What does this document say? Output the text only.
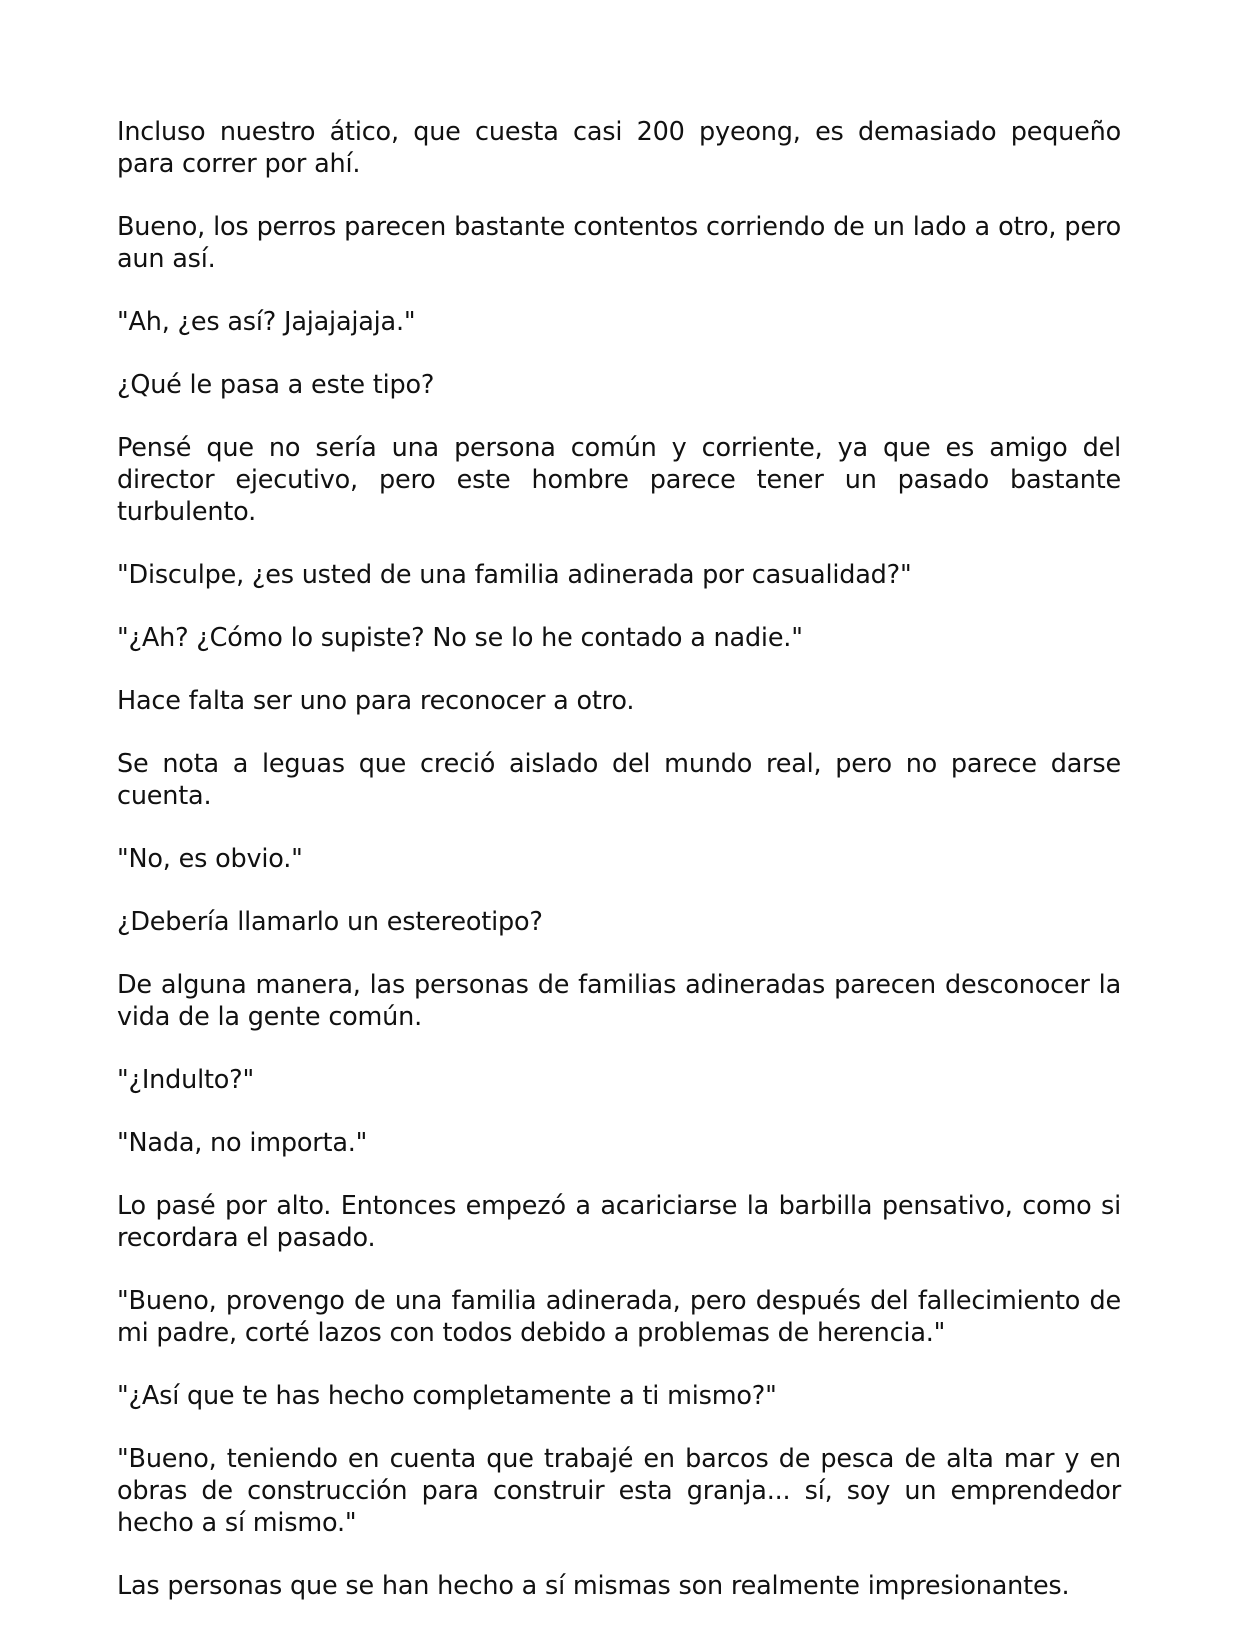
Incluso nuestro ático, que cuesta casi 200 pyeong, es demasiado pequeño para correr por ahí.

Bueno, los perros parecen bastante contentos corriendo de un lado a otro, pero aun así.

"Ah, ¿es así? Jajajajaja."

¿Qué le pasa a este tipo?

Pensé que no sería una persona común y corriente, ya que es amigo del director ejecutivo, pero este hombre parece tener un pasado bastante turbulento.

"Disculpe, ¿es usted de una familia adinerada por casualidad?"

"¿Ah? ¿Cómo lo supiste? No se lo he contado a nadie."

Hace falta ser uno para reconocer a otro.

Se nota a leguas que creció aislado del mundo real, pero no parece darse cuenta.

"No, es obvio."

¿Debería llamarlo un estereotipo?

De alguna manera, las personas de familias adineradas parecen desconocer la vida de la gente común.

"¿Indulto?"

"Nada, no importa."

Lo pasé por alto. Entonces empezó a acariciarse la barbilla pensativo, como si recordara el pasado.

"Bueno, provengo de una familia adinerada, pero después del fallecimiento de mi padre, corté lazos con todos debido a problemas de herencia."

"¿Así que te has hecho completamente a ti mismo?"

"Bueno, teniendo en cuenta que trabajé en barcos de pesca de alta mar y en obras de construcción para construir esta granja... sí, soy un emprendedor hecho a sí mismo."

Las personas que se han hecho a sí mismas son realmente impresionantes.
